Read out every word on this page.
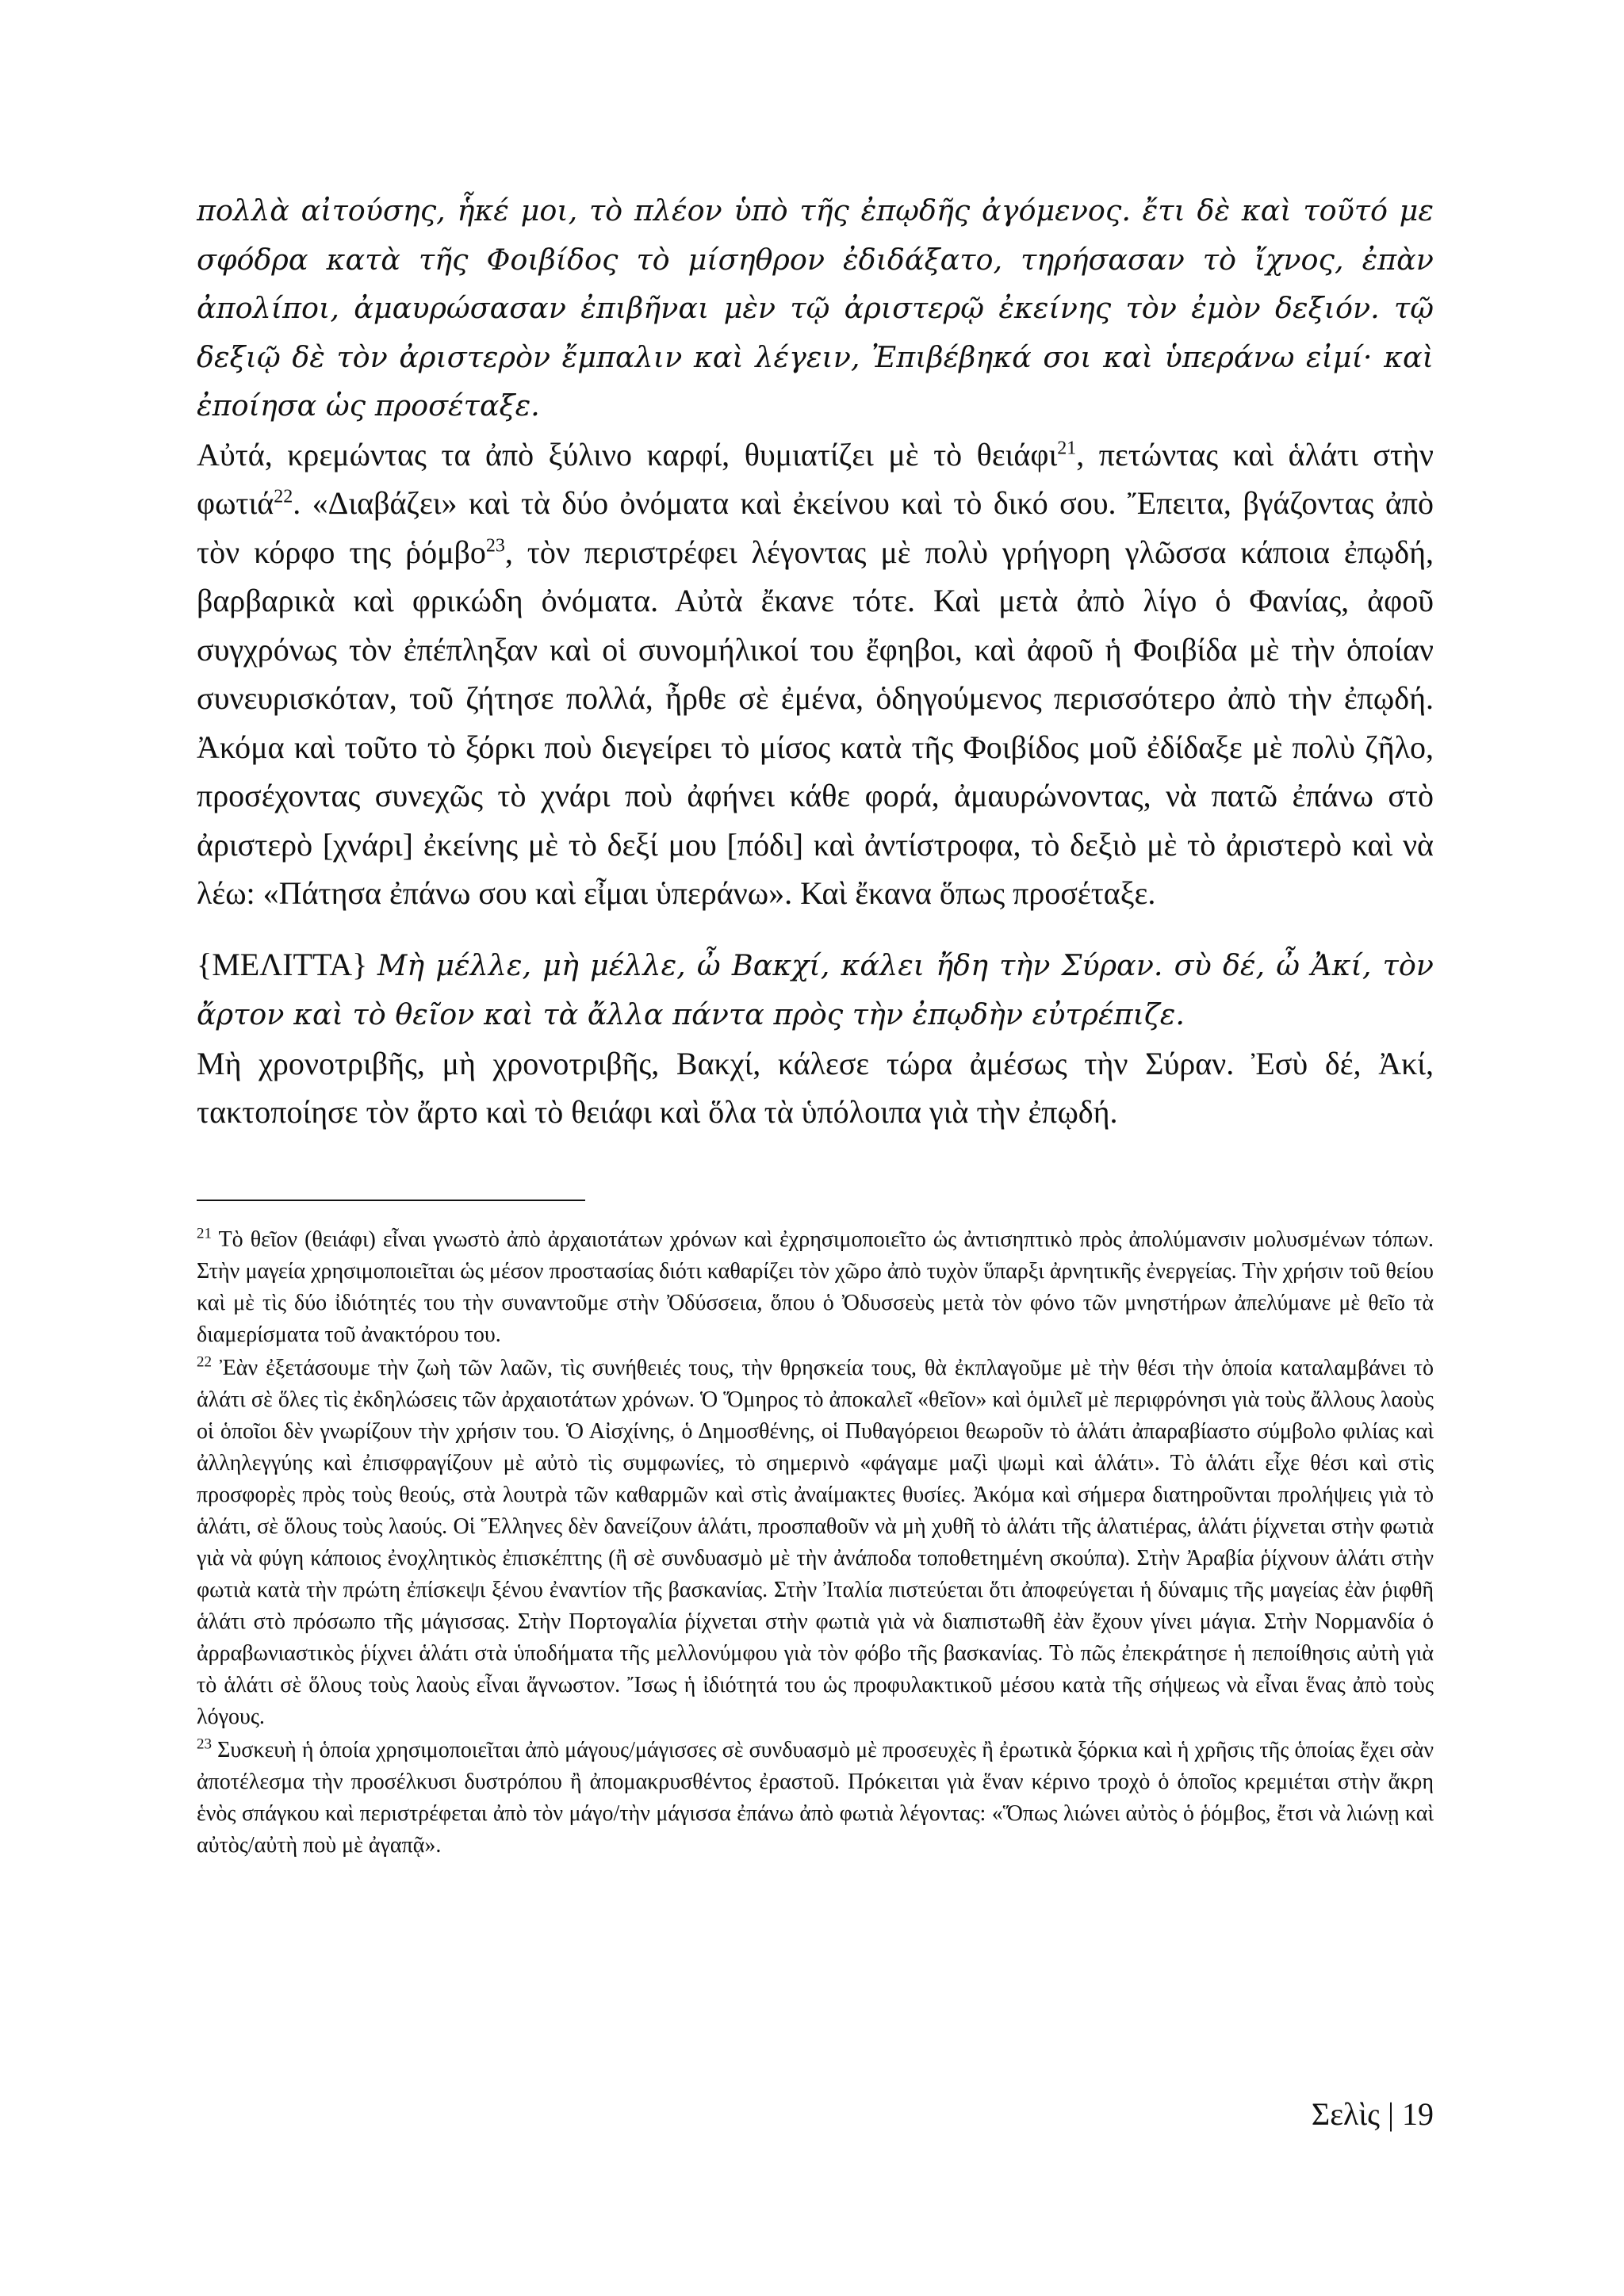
πολλὰ αἰτούσης, ἧκέ μοι, τὸ πλέον ὑπὸ τῆς ἐπῳδῆς ἀγόμενος. ἔτι δὲ καὶ τοῦτό με σφόδρα κατὰ τῆς Φοιβίδος τὸ μίσηθρον ἐδιδάξατο, τηρήσασαν τὸ ἴχνος, ἐπὰν ἀπολίποι, ἀμαυρώσασαν ἐπιβῆναι μὲν τῷ ἀριστερῷ ἐκείνης τὸν ἐμὸν δεξιόν. τῷ δεξιῷ δὲ τὸν ἀριστερὸν ἔμπαλιν καὶ λέγειν, Ἐπιβέβηκά σοι καὶ ὑπεράνω εἰμί· καὶ ἐποίησα ὡς προσέταξε.

Αὐτά, κρεμώντας τα ἀπὸ ξύλινο καρφί, θυμιατίζει μὲ τὸ θειάφι$^{21}$, πετώντας καὶ ἁλάτι στὴν φωτιά$^{22}$. «Διαβάζει» καὶ τὰ δύο ὀνόματα καὶ ἐκείνου καὶ τὸ δικό σου. Ἔπειτα, βγάζοντας ἀπὸ τὸν κόρφο της ῥόμβο$^{23}$, τὸν περιστρέφει λέγοντας μὲ πολὺ γρήγορη γλῶσσα κάποια ἐπῳδή, βαρβαρικὰ καὶ φρικώδη ὀνόματα. Αὐτὰ ἔκανε τότε. Καὶ μετὰ ἀπὸ λίγο ὁ Φανίας, ἀφοῦ συγχρόνως τὸν ἐπέπληξαν καὶ οἱ συνομήλικοί του ἔφηβοι, καὶ ἀφοῦ ἡ Φοιβίδα μὲ τὴν ὁποίαν συνευρισκόταν, τοῦ ζήτησε πολλά, ἦρθε σὲ ἐμένα, ὁδηγούμενος περισσότερο ἀπὸ τὴν ἐπῳδή. Ἀκόμα καὶ τοῦτο τὸ ξόρκι ποὺ διεγείρει τὸ μίσος κατὰ τῆς Φοιβίδος μοῦ ἐδίδαξε μὲ πολὺ ζῆλο, προσέχοντας συνεχῶς τὸ χνάρι ποὺ ἀφήνει κάθε φορά, ἀμαυρώνοντας, νὰ πατῶ ἐπάνω στὸ ἀριστερὸ [χνάρι] ἐκείνης μὲ τὸ δεξί μου [πόδι] καὶ ἀντίστροφα, τὸ δεξιὸ μὲ τὸ ἀριστερὸ καὶ νὰ λέω: «Πάτησα ἐπάνω σου καὶ εἶμαι ὑπεράνω». Καὶ ἔκανα ὅπως προσέταξε.

{ΜΕΛΙΤΤΑ} Μὴ μέλλε, μὴ μέλλε, ὦ Βακχί, κάλει ἤδη τὴν Σύραν. σὺ δέ, ὦ Ἀκί, τὸν ἄρτον καὶ τὸ θεῖον καὶ τὰ ἄλλα πάντα πρὸς τὴν ἐπῳδὴν εὐτρέπιζε.

Μὴ χρονοτριβῆς, μὴ χρονοτριβῆς, Βακχί, κάλεσε τώρα ἀμέσως τὴν Σύραν. Ἐσὺ δέ, Ἀκί, τακτοποίησε τὸν ἄρτο καὶ τὸ θειάφι καὶ ὅλα τὰ ὑπόλοιπα γιὰ τὴν ἐπῳδή.

$^{21}$ Τὸ θεῖον (θειάφι) εἶναι γνωστὸ ἀπὸ ἀρχαιοτάτων χρόνων καὶ ἐχρησιμοποιεῖτο ὡς ἀντισηπτικὸ πρὸς ἀπολύμανσιν μολυσμένων τόπων. Στὴν μαγεία χρησιμοποιεῖται ὡς μέσον προστασίας διότι καθαρίζει τὸν χῶρο ἀπὸ τυχὸν ὕπαρξι ἀρνητικῆς ἐνεργείας. Τὴν χρήσιν τοῦ θείου καὶ μὲ τὶς δύο ἰδιότητές του τὴν συναντοῦμε στὴν Ὀδύσσεια, ὅπου ὁ Ὀδυσσεὺς μετὰ τὸν φόνο τῶν μνηστήρων ἀπελύμανε μὲ θεῖο τὰ διαμερίσματα τοῦ ἀνακτόρου του.

$^{22}$ Ἐὰν ἐξετάσουμε τὴν ζωὴ τῶν λαῶν, τὶς συνήθειές τους, τὴν θρησκεία τους, θὰ ἐκπλαγοῦμε μὲ τὴν θέσι τὴν ὁποία καταλαμβάνει τὸ ἁλάτι σὲ ὅλες τὶς ἐκδηλώσεις τῶν ἀρχαιοτάτων χρόνων. Ὁ Ὅμηρος τὸ ἀποκαλεῖ «θεῖον» καὶ ὁμιλεῖ μὲ περιφρόνησι γιὰ τοὺς ἄλλους λαοὺς οἱ ὁποῖοι δὲν γνωρίζουν τὴν χρήσιν του. Ὁ Αἰσχίνης, ὁ Δημοσθένης, οἱ Πυθαγόρειοι θεωροῦν τὸ ἁλάτι ἀπαραβίαστο σύμβολο φιλίας καὶ ἀλληλεγγύης καὶ ἐπισφραγίζουν μὲ αὐτὸ τὶς συμφωνίες, τὸ σημερινὸ «φάγαμε μαζὶ ψωμὶ καὶ ἁλάτι». Τὸ ἁλάτι εἶχε θέσι καὶ στὶς προσφορὲς πρὸς τοὺς θεούς, στὰ λουτρὰ τῶν καθαρμῶν καὶ στὶς ἀναίμακτες θυσίες. Ἀκόμα καὶ σήμερα διατηροῦνται προλήψεις γιὰ τὸ ἁλάτι, σὲ ὅλους τοὺς λαούς. Οἱ Ἕλληνες δὲν δανείζουν ἁλάτι, προσπαθοῦν νὰ μὴ χυθῆ τὸ ἁλάτι τῆς ἁλατιέρας, ἁλάτι ῥίχνεται στὴν φωτιὰ γιὰ νὰ φύγη κάποιος ἐνοχλητικὸς ἐπισκέπτης (ἢ σὲ συνδυασμὸ μὲ τὴν ἀνάποδα τοποθετημένη σκούπα). Στὴν Ἀραβία ῥίχνουν ἁλάτι στὴν φωτιὰ κατὰ τὴν πρώτη ἐπίσκεψι ξένου ἐναντίον τῆς βασκανίας. Στὴν Ἰταλία πιστεύεται ὅτι ἀποφεύγεται ἡ δύναμις τῆς μαγείας ἐὰν ῥιφθῆ ἁλάτι στὸ πρόσωπο τῆς μάγισσας. Στὴν Πορτογαλία ῥίχνεται στὴν φωτιὰ γιὰ νὰ διαπιστωθῆ ἐὰν ἔχουν γίνει μάγια. Στὴν Νορμανδία ὁ ἀρραβωνιαστικὸς ῥίχνει ἁλάτι στὰ ὑποδήματα τῆς μελλονύμφου γιὰ τὸν φόβο τῆς βασκανίας. Τὸ πῶς ἐπεκράτησε ἡ πεποίθησις αὐτὴ γιὰ τὸ ἁλάτι σὲ ὅλους τοὺς λαοὺς εἶναι ἄγνωστον. Ἴσως ἡ ἰδιότητά του ὡς προφυλακτικοῦ μέσου κατὰ τῆς σήψεως νὰ εἶναι ἕνας ἀπὸ τοὺς λόγους.

$^{23}$ Συσκευὴ ἡ ὁποία χρησιμοποιεῖται ἀπὸ μάγους/μάγισσες σὲ συνδυασμὸ μὲ προσευχὲς ἢ ἐρωτικὰ ξόρκια καὶ ἡ χρῆσις τῆς ὁποίας ἔχει σὰν ἀποτέλεσμα τὴν προσέλκυσι δυστρόπου ἢ ἀπομακρυσθέντος ἐραστοῦ. Πρόκειται γιὰ ἕναν κέρινο τροχὸ ὁ ὁποῖος κρεμιέται στὴν ἄκρη ἑνὸς σπάγκου καὶ περιστρέφεται ἀπὸ τὸν μάγο/τὴν μάγισσα ἐπάνω ἀπὸ φωτιὰ λέγοντας: «Ὅπως λιώνει αὐτὸς ὁ ῥόμβος, ἔτσι νὰ λιώνῃ καὶ αὐτὸς/αὐτὴ ποὺ μὲ ἀγαπᾷ».

Σελὶς | 19
